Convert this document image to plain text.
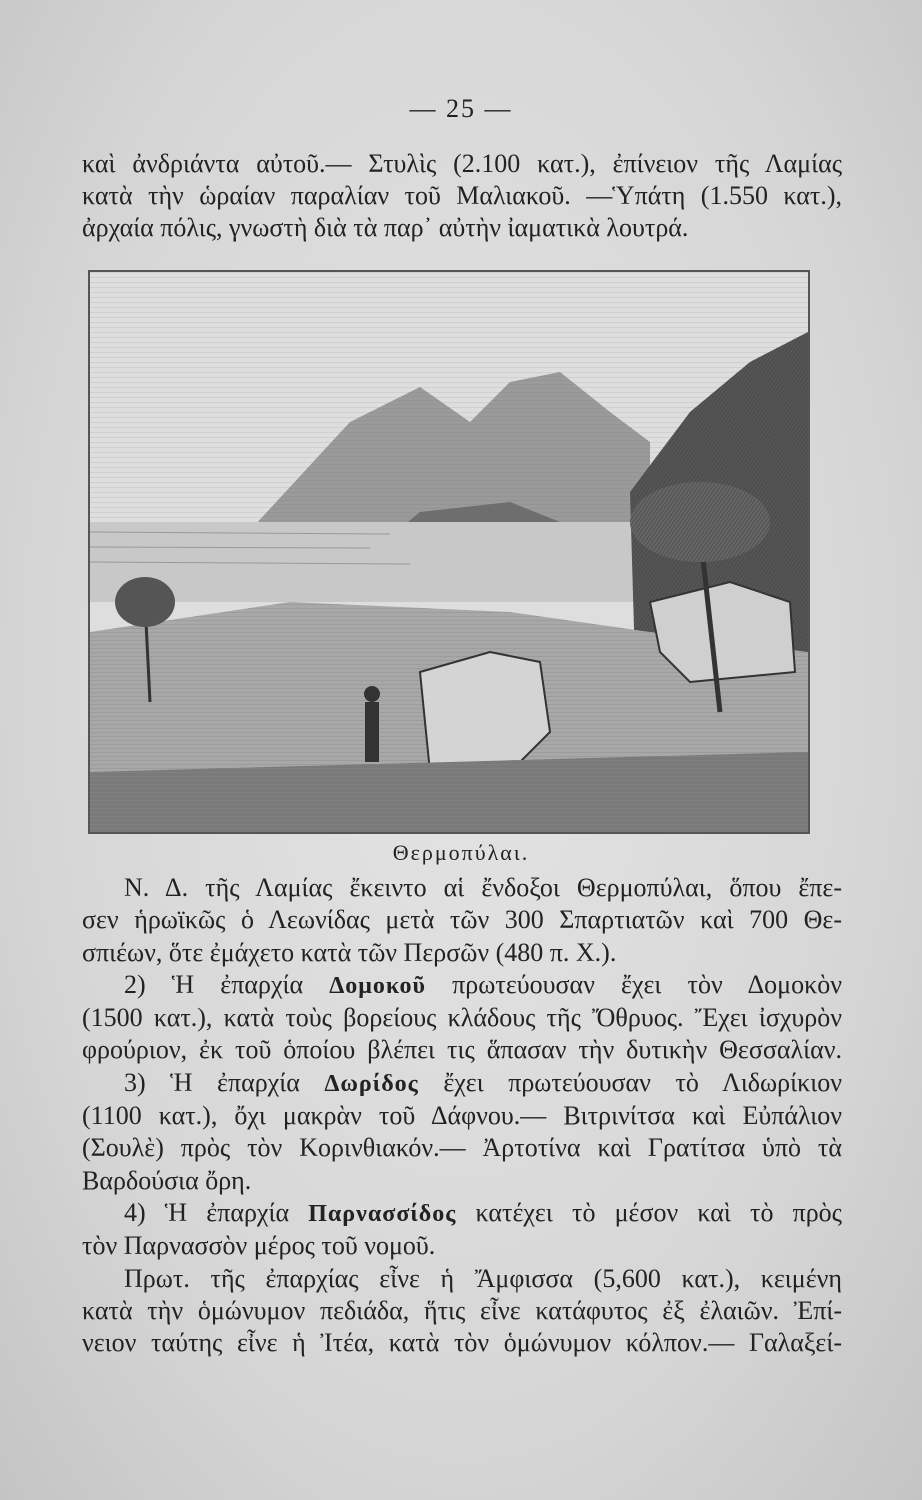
— 25 —
καὶ ἀνδριάντα αὐτοῦ.— Στυλὶς (2.100 κατ.), ἐπίνειον τῆς Λαμίας
κατὰ τὴν ὡραίαν παραλίαν τοῦ Μαλιακοῦ. —Ὑπάτη (1.550 κατ.),
ἀρχαία πόλις, γνωστὴ διὰ τὰ παρ᾽ αὐτὴν ἰαματικὰ λουτρά.
Θερμοπύλαι.
Ν. Δ. τῆς Λαμίας ἔκειντο αἱ ἔνδοξοι Θερμοπύλαι, ὅπου ἔπε-
σεν ἡρωϊκῶς ὁ Λεωνίδας μετὰ τῶν 300 Σπαρτιατῶν καὶ 700 Θε-
σπιέων, ὅτε ἐμάχετο κατὰ τῶν Περσῶν (480 π. Χ.).
2) Ἡ ἐπαρχία Δομοκοῦ πρωτεύουσαν ἔχει τὸν Δομοκὸν
(1500 κατ.), κατὰ τοὺς βορείους κλάδους τῆς Ὄθρυος. Ἔχει ἰσχυρὸν
φρούριον, ἐκ τοῦ ὁποίου βλέπει τις ἅπασαν τὴν δυτικὴν Θεσσαλίαν.
3) Ἡ ἐπαρχία Δωρίδος ἔχει πρωτεύουσαν τὸ Λιδωρίκιον
(1100 κατ.), ὄχι μακρὰν τοῦ Δάφνου.— Βιτρινίτσα καὶ Εὐπάλιον
(Σουλὲ) πρὸς τὸν Κορινθιακόν.— Ἀρτοτίνα καὶ Γρατίτσα ὑπὸ τὰ
Βαρδούσια ὄρη.
4) Ἡ ἐπαρχία Παρνασσίδος κατέχει τὸ μέσον καὶ τὸ πρὸς
τὸν Παρνασσὸν μέρος τοῦ νομοῦ.
Πρωτ. τῆς ἐπαρχίας εἶνε ἡ Ἄμφισσα (5,600 κατ.), κειμένη
κατὰ τὴν ὁμώνυμον πεδιάδα, ἥτις εἶνε κατάφυτος ἐξ ἐλαιῶν. Ἐπί-
νειον ταύτης εἶνε ἡ Ἰτέα, κατὰ τὸν ὁμώνυμον κόλπον.— Γαλαξεί-
